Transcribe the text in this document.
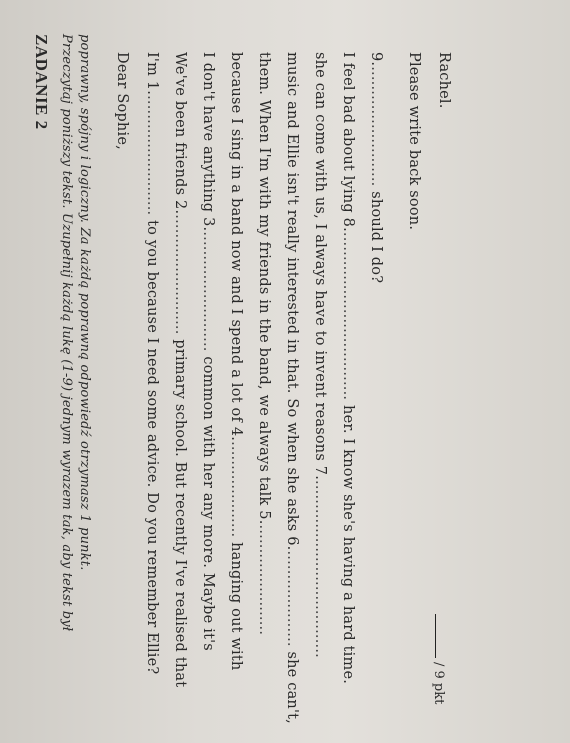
ZADANIE 2 Przeczytaj poniższy tekst. Uzupełnij każdą lukę (1-9) jednym wyrazem tak, aby tekst był poprawny, spójny i logiczny. Za każdą poprawną odpowiedź otrzymasz 1 punkt. Dear Sophie, I'm 1.......................... to you because I need some advice. Do you remember Ellie?
We've been friends 2.......................... primary school. But recently I've realised that
I don't have anything 3.......................... common with her any more. Maybe it's
because I sing in a band now and I spend a lot of 4..................... hanging out with
them. When I'm with my friends in the band, we always talk 5........................
music and Ellie isn't really interested in that. So when she asks 6..................... she can't,
she can come with us, I always have to invent reasons 7......................................
I feel bad about lying 8.................................... her. I know she's having a hard time.
9.......................... should I do?
Please write back soon. Rachel.
/ 9 pkt
